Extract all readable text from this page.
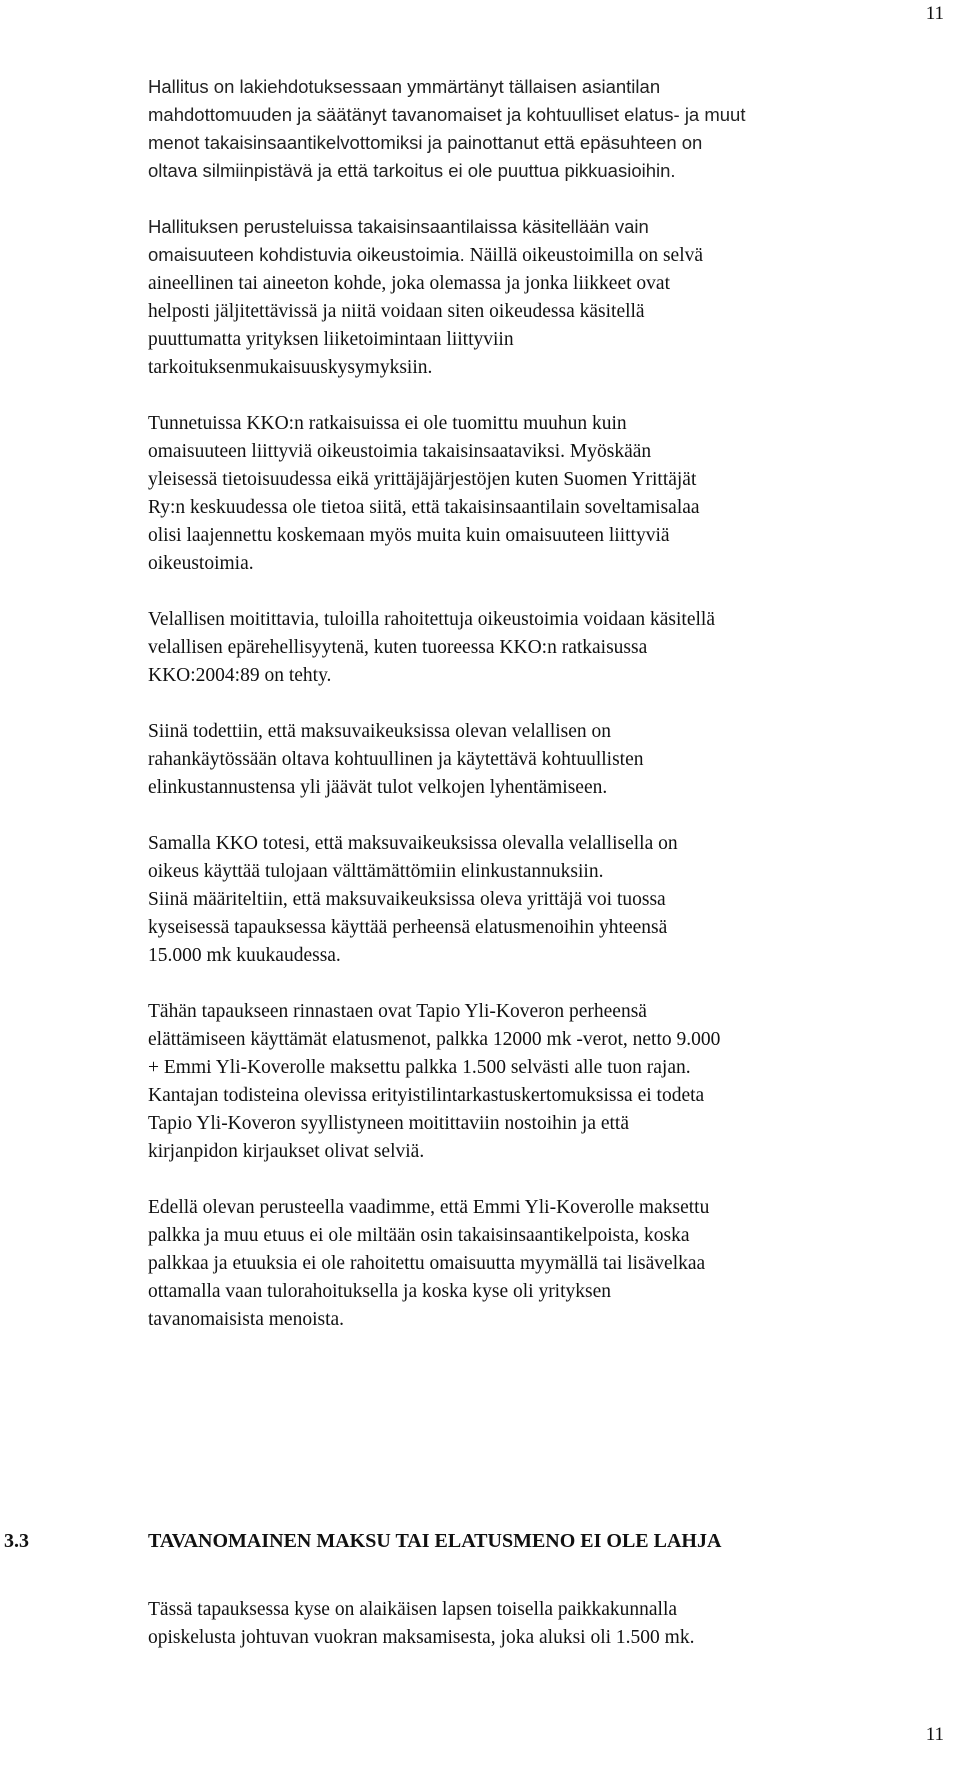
11

Hallitus on lakiehdotuksessaan ymmärtänyt tällaisen asiantilan
mahdottomuuden ja säätänyt tavanomaiset ja kohtuulliset elatus- ja muut
menot takaisinsaantikelvottomiksi ja painottanut että epäsuhteen on
oltava silmiinpistävä ja että tarkoitus ei ole puuttua pikkuasioihin.

Hallituksen perusteluissa takaisinsaantilaissa käsitellään vain
omaisuuteen kohdistuvia oikeustoimia. Näillä oikeustoimilla on selvä
aineellinen tai aineeton kohde, joka olemassa ja jonka liikkeet ovat
helposti jäljitettävissä ja niitä voidaan siten oikeudessa käsitellä
puuttumatta yrityksen liiketoimintaan liittyviin
tarkoituksenmukaisuuskysymyksiin.

Tunnetuissa KKO:n ratkaisuissa ei ole tuomittu muuhun kuin
omaisuuteen liittyviä oikeustoimia takaisinsaataviksi. Myöskään
yleisessä tietoisuudessa eikä yrittäjäjärjestöjen kuten Suomen Yrittäjät
Ry:n keskuudessa ole tietoa siitä, että takaisinsaantilain soveltamisalaa
olisi laajennettu koskemaan myös muita kuin omaisuuteen liittyviä
oikeustoimia.

Velallisen moitittavia, tuloilla rahoitettuja oikeustoimia voidaan käsitellä
velallisen epärehellisyytenä, kuten tuoreessa KKO:n ratkaisussa
KKO:2004:89 on tehty.

Siinä todettiin, että maksuvaikeuksissa olevan velallisen on
rahankäytössään oltava kohtuullinen ja käytettävä kohtuullisten
elinkustannustensa yli jäävät tulot velkojen lyhentämiseen.

Samalla KKO totesi, että maksuvaikeuksissa olevalla velallisella on
oikeus käyttää tulojaan välttämättömiin elinkustannuksiin.
Siinä määriteltiin, että maksuvaikeuksissa oleva yrittäjä voi tuossa
kyseisessä tapauksessa käyttää perheensä elatusmenoihin yhteensä
15.000 mk kuukaudessa.

Tähän tapaukseen rinnastaen ovat Tapio Yli-Koveron perheensä
elättämiseen käyttämät elatusmenot, palkka 12000 mk -verot, netto 9.000
+ Emmi Yli-Koverolle maksettu palkka 1.500 selvästi alle tuon rajan.
Kantajan todisteina olevissa erityistilintarkastuskertomuksissa ei todeta
Tapio Yli-Koveron syyllistyneen moitittaviin nostoihin ja että
kirjanpidon kirjaukset olivat selviä.

Edellä olevan perusteella vaadimme, että Emmi Yli-Koverolle maksettu
palkka ja muu etuus ei ole miltään osin takaisinsaantikelpoista, koska
palkkaa ja etuuksia ei ole rahoitettu omaisuutta myymällä tai lisävelkaa
ottamalla vaan tulorahoituksella ja koska kyse oli yrityksen
tavanomaisista menoista.

3.3	TAVANOMAINEN MAKSU TAI ELATUSMENO EI OLE LAHJA
Tässä tapauksessa kyse on alaikäisen lapsen toisella paikkakunnalla
opiskelusta johtuvan vuokran maksamisesta, joka aluksi oli 1.500 mk.
11
